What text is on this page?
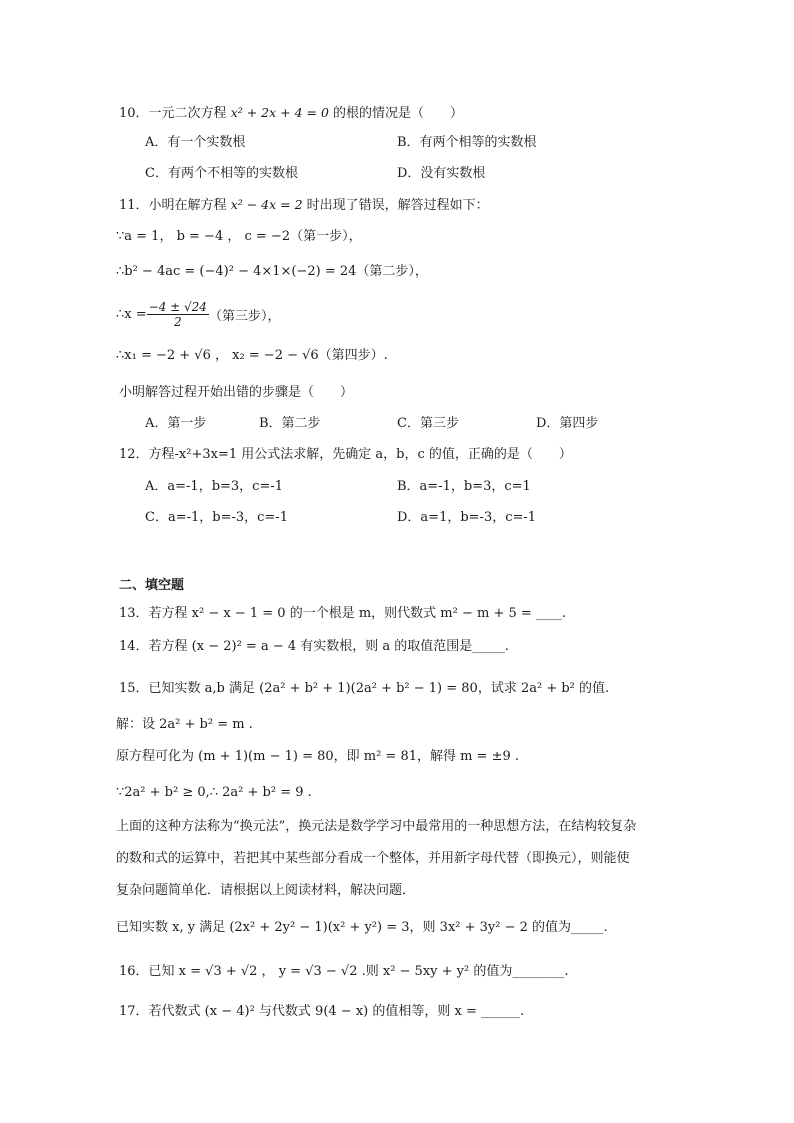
10．一元二次方程 x² + 2x + 4 = 0 的根的情况是（　　）
A．有一个实数根	B．有两个相等的实数根
C．有两个不相等的实数根	D．没有实数根
11．小明在解方程 x² − 4x = 2 时出现了错误，解答过程如下：
∵a = 1， b = −4 ， c = −2（第一步），
∴b² − 4ac = (−4)² − 4×1×(−2) = 24（第二步），
∴x = $\frac{-4 \pm √24}{2}$ （第三步），
∴x₁ = −2 + √6 ， x₂ = −2 − √6（第四步）.
小明解答过程开始出错的步骤是（　　）
A．第一步	B．第二步	C．第三步	D．第四步
12．方程-x²+3x=1 用公式法求解，先确定 a，b，c 的值，正确的是（　　）
A．a=-1，b=3，c=-1	B．a=-1，b=3，c=1
C．a=-1，b=-3，c=-1	D．a=1，b=-3，c=-1
二、填空题
13．若方程 x² − x − 1 = 0 的一个根是 m，则代数式 m² − m + 5 = ____.
14．若方程 (x − 2)² = a − 4 有实数根，则 a 的取值范围是_____.
15．已知实数 a,b 满足 (2a² + b² + 1)(2a² + b² − 1) = 80，试求 2a² + b² 的值.
解：设 2a² + b² = m .
原方程可化为 (m + 1)(m − 1) = 80，即 m² = 81，解得 m = ±9 .
∵2a² + b² ≥ 0,∴ 2a² + b² = 9 .
上面的这种方法称为“换元法”，换元法是数学学习中最常用的一种思想方法，在结构较复杂
的数和式的运算中，若把其中某些部分看成一个整体，并用新字母代替（即换元），则能使
复杂问题简单化．请根据以上阅读材料，解决问题．
已知实数 x, y 满足 (2x² + 2y² − 1)(x² + y²) = 3，则 3x² + 3y² − 2 的值为_____.
16．已知 x = √3 + √2 ， y = √3 − √2 .则 x² − 5xy + y² 的值为________.
17．若代数式 (x − 4)² 与代数式 9(4 − x) 的值相等，则 x = ______.
